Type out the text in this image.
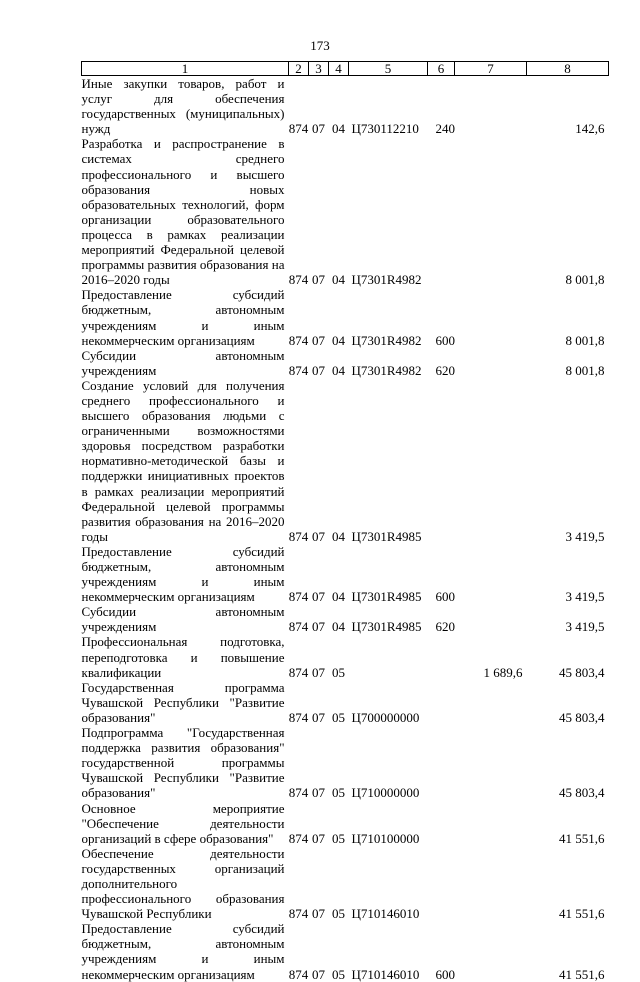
173
1	2	3	4	5	6	7	8
Иные закупки товаров, работ и услуг для обеспечения государственных (муниципальных) нужд	874	07	04	Ц730112210	240		142,6
Разработка и распространение в системах среднего профессионального и высшего образования новых образовательных технологий, форм организации образовательного процесса в рамках реализации мероприятий Федеральной целевой программы развития образования на 2016–2020 годы	874	07	04	Ц7301R4982			8 001,8
Предоставление субсидий бюджетным, автономным учреждениям и иным некоммерческим организациям	874	07	04	Ц7301R4982	600		8 001,8
Субсидии автономным учреждениям	874	07	04	Ц7301R4982	620		8 001,8
Создание условий для получения среднего профессионального и высшего образования людьми с ограниченными возможностями здоровья посредством разработки нормативно-методической базы и поддержки инициативных проектов в рамках реализации мероприятий Федеральной целевой программы развития образования на 2016–2020 годы	874	07	04	Ц7301R4985			3 419,5
Предоставление субсидий бюджетным, автономным учреждениям и иным некоммерческим организациям	874	07	04	Ц7301R4985	600		3 419,5
Субсидии автономным учреждениям	874	07	04	Ц7301R4985	620		3 419,5
Профессиональная подготовка, переподготовка и повышение квалификации	874	07	05			1 689,6	45 803,4
Государственная программа Чувашской Республики "Развитие образования"	874	07	05	Ц700000000			45 803,4
Подпрограмма "Государственная поддержка развития образования" государственной программы Чувашской Республики "Развитие образования"	874	07	05	Ц710000000			45 803,4
Основное мероприятие "Обеспечение деятельности организаций в сфере образования"	874	07	05	Ц710100000			41 551,6
Обеспечение деятельности государственных организаций дополнительного профессионального образования Чувашской Республики	874	07	05	Ц710146010			41 551,6
Предоставление субсидий бюджетным, автономным учреждениям и иным некоммерческим организациям	874	07	05	Ц710146010	600		41 551,6
